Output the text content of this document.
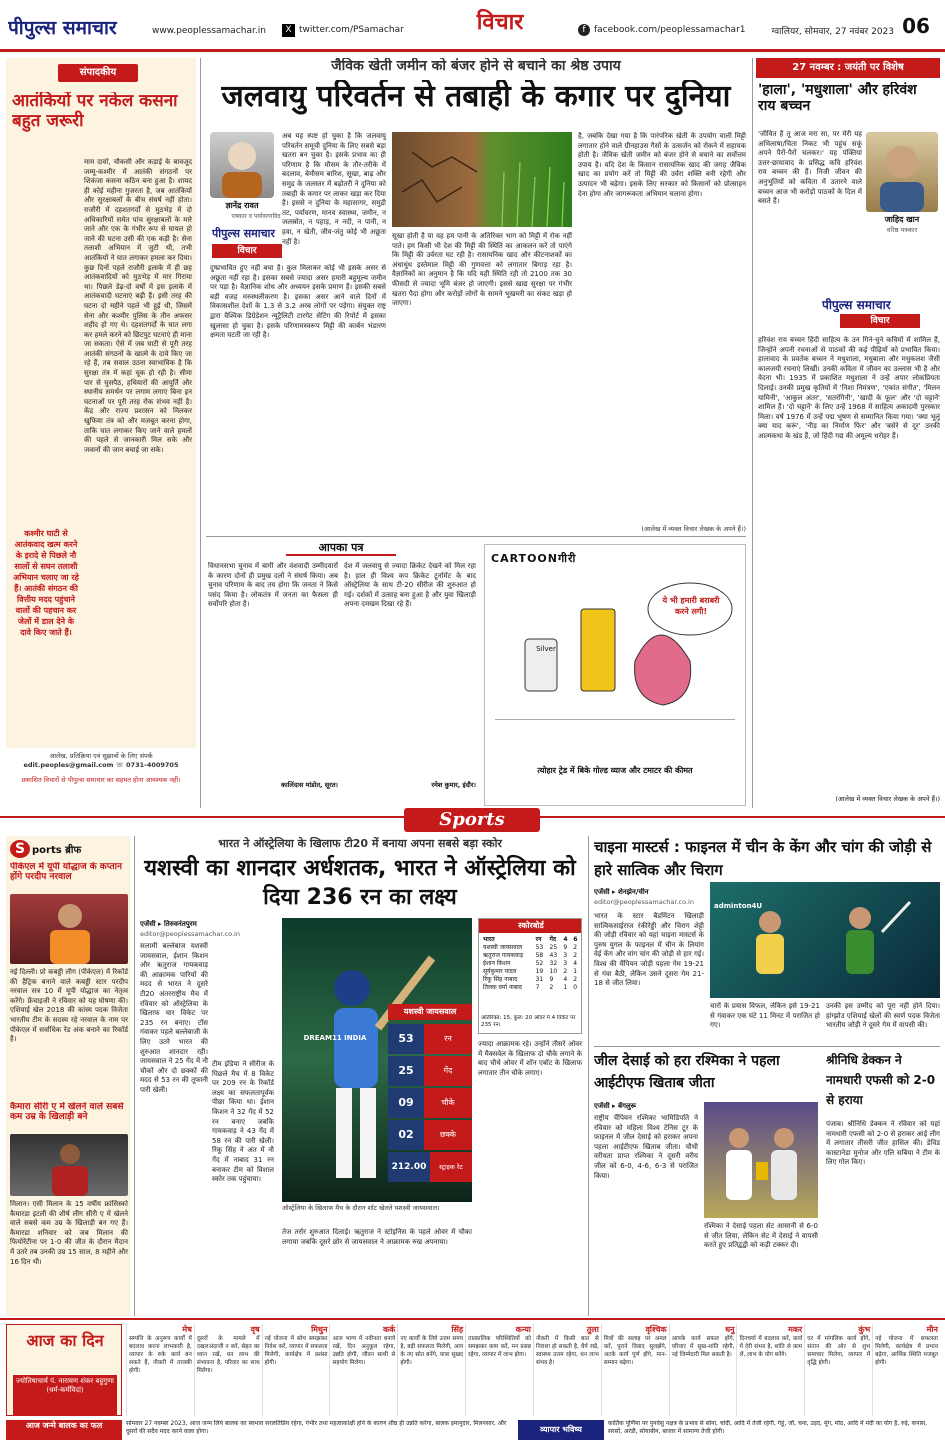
पीपुल्स समाचार	www.peoplessamachar.in	X twitter.com/PSamachar	विचार	f facebook.com/peoplessamachar1	ग्वालियर, सोमवार, 27 नवंबर 2023 06
संपादकीय
आतंकियों पर नकेल कसना बहुत जरूरी
माम दावों, चौकसी और कड़ाई के बावजूद जम्मू-कश्मीर में आतंकी संगठनों पर शिकंजा कसना कठिन बना हुआ है। शायद ही कोई महीना गुजरता है, जब आतंकियों और सुरक्षाबलों के बीच संघर्ष नहीं होता। राजौरी में दहशतगर्दों से मुठभेड़ में दो अधिकारियों समेत पांच सुरक्षाबलों के मारे जाने और एक के गंभीर रूप से घायल हो जाने की घटना उसी की एक कड़ी है। सेना तलाशी अभियान में जुटी थी, तभी आतंकियों ने घात लगाकर हमला कर दिया। कुछ दिनों पहले राजौरी इलाके में ही छह आतंकवादियों को मुठभेड़ में मार गिराया था। पिछले डेढ़-दो वर्षों में इस इलाके में आतंकवादी घटनाएं बढ़ी हैं। इसी तरह की घटना दो महीने पहले भी हुई थी, जिसमें सेना और कश्मीर पुलिस के तीन अफसर शहीद हो गए थे। दहशतगर्दों के घात लगा कर हमले करने को छिटपुट घटनाएं ही माना जा सकता। ऐसे में जब घाटी से पूरी तरह आतंकी संगठनों के खात्मे के दावे किए जा रहे हैं, तब सवाल उठना स्वाभाविक है कि सुरक्षा तंत्र में कहां चूक हो रही है। सीमा पार से घुसपैठ, हथियारों की आपूर्ति और स्थानीय समर्थन पर लगाम लगाए बिना इन घटनाओं पर पूरी तरह रोक संभव नहीं है। केंद्र और राज्य प्रशासन को मिलकर खुफिया तंत्र को और मजबूत करना होगा, ताकि घात लगाकर किए जाने वाले हमलों की पहले से जानकारी मिल सके और जवानों की जान बचाई जा सके।
कश्मीर घाटी से आतंकवाद खत्म करने के इरादे से पिछले नौ सालों से सघन तलाशी अभियान चलाए जा रहे हैं। आतंकी संगठन की वित्तीय मदद पहुंचाने वालों की पहचान कर जेलों में डाल देने के दावे किए जाते हैं।
आलेख, प्रतिक्रिया एवं सुझावों के लिए संपर्क
edit.peoples@gmail.com ☏ 0731-4009705
प्रकाशित विचारों से पीपुल्स समाचार का सहमत होना आवश्यक नहीं।
जैविक खेती जमीन को बंजर होने से बचाने का श्रेष्ठ उपाय
जलवायु परिवर्तन से तबाही के कगार पर दुनिया
ज्ञानेंद्र रावत
पत्रकार व पर्यावरणविद
पीपुल्स समाचार
विचार
अब यह स्पष्ट हो चुका है कि जलवायु परिवर्तन समूची दुनिया के लिए सबसे बड़ा खतरा बन चुका है। इसके प्रभाव का ही परिणाम है कि मौसम के तौर-तरीके में बदलाव, बेमौसम बारिश, सूखा, बाढ़ और समुद्र के जलस्तर में बढ़ोतरी ने दुनिया को तबाही के कगार पर लाकर खड़ा कर दिया है। इससे न दुनिया के महासागर, समुद्री तट, पर्यावरण, मानव स्वास्थ्य, जमीन, न जलस्रोत, न पहाड़, न नदी, न पानी, न हवा, न खेती, जीव-जंतु कोई भी अछूता नहीं है।
दुष्प्रभावित हुए नहीं बचा है। कुल मिलाकर कोई भी इसके असर से अछूता नहीं रहा है। इसका सबसे ज्यादा असर हमारी बहुमूल्य जमीन पर पड़ा है। वैज्ञानिक शोध और अध्ययन इसके प्रमाण हैं। इसकी सबसे बड़ी वजह मरुस्थलीकरण है। इसका असर आने वाले दिनों में विकासशील देशों के 1.3 से 3.2 अरब लोगों पर पड़ेगा। संयुक्त राष्ट्र द्वारा वैश्विक डिग्रेडेशन न्यूट्रैलिटी टारगेट सेटिंग की रिपोर्ट में इसका खुलासा हो चुका है। इसके परिणामस्वरूप मिट्टी की कार्बन भंडारण क्षमता घटती जा रही है।
सूखा होती है या वह हम पानी के अतिरिक्त भाग को मिट्टी में रोक नहीं पाते। हम किसी भी देश की मिट्टी की स्थिति का आकलन करें तो पाएंगे कि मिट्टी की उर्वरता घट रही है। रासायनिक खाद और कीटनाशकों का अंधाधुंध इस्तेमाल मिट्टी की गुणवत्ता को लगातार बिगाड़ रहा है। वैज्ञानिकों का अनुमान है कि यदि यही स्थिति रही तो 2100 तक 30 फीसदी से ज्यादा भूमि बंजर हो जाएगी। इससे खाद्य सुरक्षा पर गंभीर खतरा पैदा होगा और करोड़ों लोगों के सामने भुखमरी का संकट खड़ा हो जाएगा।
है, जबकि देखा गया है कि पारंपरिक खेती के उपयोग वाली मिट्टी लगातार होने वाले ग्रीनहाउस गैसों के उत्सर्जन को रोकने में सहायक होती है। जैविक खेती जमीन को बंजर होने से बचाने का सर्वोत्तम उपाय है। यदि देश के किसान रासायनिक खाद की जगह जैविक खाद का प्रयोग करें तो मिट्टी की उर्वरा शक्ति बनी रहेगी और उत्पादन भी बढ़ेगा। इसके लिए सरकार को किसानों को प्रोत्साहन देना होगा और जागरूकता अभियान चलाना होगा।
(आलेख में व्यक्त विचार लेखक के अपने हैं।)
आपका पत्र
विधानसभा चुनाव में बागी और वंशवादी उम्मीदवारों के कारण दोनों ही प्रमुख दलों ने संघर्ष किया। अब चुनाव परिणाम के बाद तय होगा कि जनता ने किसे पसंद किया है। लोकतंत्र में जनता का फैसला ही सर्वोपरि होता है।
देश में जलवायु से ज्यादा क्रिकेट देखने को मिल रहा है। हाल ही विश्व कप क्रिकेट टूर्नामेंट के बाद ऑस्ट्रेलिया के साथ टी-20 सीरीज की शुरुआत हो गई। दर्शकों में उत्साह बना हुआ है और युवा खिलाड़ी अपना दमखम दिखा रहे हैं।
कालिंदास मांडोत, सूरत।	रमेश कुमार, इंदौर।
CARTOONगीरी
Silver
ये भी हमारी बराबरी करने लगी!
त्योहार ट्रेड में बिके गोल्ड व्याज और टमाटर की कीमत
27 नवम्बर : जयंती पर विशेष
'हाला', 'मधुशाला' और हरिवंश राय बच्चन
'जीवित है तू आज मरा सा, पर मेरी यह अभिलाषा/चिता निकट भी पहुंच सकूं अपने पैरों-पैरों चलकर।' यह पंक्तियां उत्तर-छायावाद के प्रसिद्ध कवि हरिवंश राय बच्चन की हैं। निजी जीवन की अनुभूतियों को कविता में उतारने वाले बच्चन आज भी करोड़ों पाठकों के दिल में बसते हैं।
जाहिद खान
वरिष्ठ पत्रकार
पीपुल्स समाचार
विचार
हरिवंश राय बच्चन हिंदी साहित्य के उन गिने-चुने कवियों में शामिल हैं, जिन्होंने अपनी रचनाओं से पाठकों की कई पीढ़ियों को प्रभावित किया। हालावाद के प्रवर्तक बच्चन ने मधुशाला, मधुबाला और मधुकलश जैसी कालजयी रचनाएं लिखीं। उनकी कविता में जीवन का उल्लास भी है और वेदना भी। 1935 में प्रकाशित मधुशाला ने उन्हें अपार लोकप्रियता दिलाई। उनकी प्रमुख कृतियों में 'निशा निमंत्रण', 'एकांत संगीत', 'मिलन यामिनी', 'आकुल अंतर', 'सतरंगिनी', 'खादी के फूल' और 'दो चट्टानें' शामिल हैं। 'दो चट्टानें' के लिए उन्हें 1968 में साहित्य अकादमी पुरस्कार मिला। वर्ष 1976 में उन्हें पद्म भूषण से सम्मानित किया गया। 'क्या भूलूं क्या याद करूं', 'नीड़ का निर्माण फिर' और 'बसेरे से दूर' उनकी आत्मकथा के खंड हैं, जो हिंदी गद्य की अमूल्य धरोहर हैं।
(आलेख में व्यक्त विचार लेखक के अपने हैं।)
Sports
S ports ब्रीफ
पीकेएल में यूपी योद्धाज के कप्तान होंगे परदीप नरवाल
नई दिल्ली। प्रो कबड्डी लीग (पीकेएल) में रिकॉर्ड की हैट्रिक बनाने वाले कबड्डी स्टार परदीप नरवाल सत्र 10 में यूपी योद्धाज का नेतृत्व करेंगे। फ्रेंचाइजी ने रविवार को यह घोषणा की। एशियाई खेल 2018 की कांस्य पदक विजेता भारतीय टीम के सदस्य रहे नरवाल के नाम पर पीकेएल में सर्वाधिक रेड अंक बनाने का रिकॉर्ड है।
कैमारा सीरी ए में खेलने वाले सबसे कम उम्र के खिलाड़ी बने
मिलान। एसी मिलान के 15 वर्षीय फ्रांसिस्को कैमारडा इटली की शीर्ष लीग सीरी ए में खेलने वाले सबसे कम उम्र के खिलाड़ी बन गए हैं। कैमारडा शनिवार को जब मिलान की फियोरेंटीना पर 1-0 की जीत के दौरान मैदान में उतरे तब उनकी उम्र 15 साल, 8 महीने और 16 दिन थी।
भारत ने ऑस्ट्रेलिया के खिलाफ टी20 में बनाया अपना सबसे बड़ा स्कोर
यशस्वी का शानदार अर्धशतक, भारत ने ऑस्ट्रेलिया को दिया 236 रन का लक्ष्य
एजेंसी ▸ तिरुवनंतपुरम
editor@peoplessamachar.co.in
सलामी बल्लेबाज यशस्वी जायसवाल, ईशान किशन और ऋतुराज गायकवाड़ की आक्रामक पारियों की मदद से भारत ने दूसरे टी20 अंतरराष्ट्रीय मैच में रविवार को ऑस्ट्रेलिया के खिलाफ चार विकेट पर 235 रन बनाए। टॉस गंवाकर पहले बल्लेबाजी के लिए उतरे भारत की शुरुआत शानदार रही। जायसवाल ने 25 गेंद में नौ चौकों और दो छक्कों की मदद से 53 रन की तूफानी पारी खेली।
टीम इंडिया ने सीरीज के पिछले मैच में 8 विकेट पर 209 रन के रिकॉर्ड लक्ष्य का सफलतापूर्वक पीछा किया था। ईशान किशन ने 32 गेंद में 52 रन बनाए जबकि गायकवाड़ ने 43 गेंद में 58 रन की पारी खेली। रिंकू सिंह ने अंत में नौ गेंद में नाबाद 31 रन बनाकर टीम को विशाल स्कोर तक पहुंचाया।
DREAM11 INDIA
यशस्वी जायसवाल
53	रन
25	गेंद
09	चौके
02	छक्के
212.00	स्ट्राइक रेट
ऑस्ट्रेलिया के खिलाफ मैच के दौरान शॉट खेलते यशस्वी जायसवाल।
तेज तर्रार शुरुआत दिलाई। ऋतुराज ने स्टोइनिस के पहले ओवर में चौका लगाया जबकि दूसरे छोर से जायसवाल ने आक्रामक रुख अपनाया।
स्कोरबोर्ड
भारत	रन	गेंद	4	6
यशस्वी जायसवाल	53	25	9	2
ऋतुराज गायकवाड़	58	43	3	2
ईशान किशन	52	32	3	4
सूर्यकुमार यादव	19	10	2	1
रिंकू सिंह नाबाद	31	9	4	2
तिलक वर्मा नाबाद	7	2	1	0
अतिरिक्त: 15, कुल: 20 ओवर में 4 विकेट पर 235 रन।
ज्यादा आक्रामक रहे। उन्होंने तीसरे ओवर में मैक्सवेल के खिलाफ दो चौके लगाने के बाद चौथे ओवर में शॉन एबॉट के खिलाफ लगातार तीन चौके लगाए।
चाइना मास्टर्स : फाइनल में चीन के केंग और चांग की जोड़ी से हारे सात्विक और चिराग
एजेंसी ▸ शेनझेन/चीन
editor@peoplessamachar.co.in
भारत के स्टार बैडमिंटन खिलाड़ी सात्विकसाईराज रंकीरेड्डी और चिराग शेट्टी की जोड़ी रविवार को यहां चाइना मास्टर्स के पुरुष युगल के फाइनल में चीन के लियांग वेई केंग और वांग चांग की जोड़ी से हार गई। विश्व की चैंपियन जोड़ी पहला गेम 19-21 से गंवा बैठी, लेकिन उसने दूसरा गेम 21-18 से जीत लिया।
adminton4U
चारों के प्रयास विफल, लेकिन इसे 19-21 से गंवाकर एक घंटे 11 मिनट में पराजित हो गए।
उनकी इस उम्मीद को पूरा नहीं होने दिया। हांग्झोउ एशियाई खेलों की स्वर्ण पदक विजेता भारतीय जोड़ी ने दूसरे गेम में वापसी की।
जील देसाई को हरा रश्मिका ने पहला आईटीएफ खिताब जीता
एजेंसी ▸ बेंगलुरू
राष्ट्रीय चैंपियन रश्मिका भामिडिपति ने रविवार को महिला विश्व टेनिस टूर के फाइनल में जील देसाई को हराकर अपना पहला आईटीएफ खिताब जीता। चौथी वरीयता प्राप्त रश्मिका ने दूसरी वरीय जील को 6-0, 4-6, 6-3 से पराजित किया।
रश्मिका ने देसाई पहला सेट आसानी से 6-0 से जीत लिया, लेकिन सेट में देसाई ने वापसी करते हुए प्रतिद्वंद्वी को कड़ी टक्कर दी।
श्रीनिधि डेक्कन ने नामधारी एफसी को 2-0 से हराया
पंजाब। श्रीनिधि डेक्कन ने रविवार को यहां नामधारी एफसी को 2-0 से हराकर आई लीग में लगातार तीसरी जीत हासिल की। डेविड कास्टानेडा मुनोज और एलि सबिया ने टीम के लिए गोल किए।
आज का दिन
ज्योतिषाचार्य पं. नारायण शंकर बहुगुणा (धर्म-कर्मविदां)
मेष
सम्पत्ति के अनुरूप कार्यों में बदलाव करना लाभकारी है, व्यापार के रुके कार्य बन सकते हैं, नौकरी में तरक्की होगी।
वृष
दूसरों के मामले में दखलअंदाजी न करें, सेहत का ध्यान रखें, धन लाभ की संभावना है, परिवार का साथ मिलेगा।
मिथुन
नई योजना में सोच समझकर निवेश करें, व्यापार में सफलता मिलेगी, कार्यक्षेत्र में प्रशंसा होगी।
कर्क
आज भाग्य में नवीनता बनाये रखें, दिन अनुकूल रहेगा, उन्नति होगी, जीवन साथी से सहयोग मिलेगा।
सिंह
नए कार्यों के लिये उत्तम समय है, बड़ी सफलता मिलेगी, आय के नए स्रोत बनेंगे, यात्रा सुखद होगी।
कन्या
तात्कालिक परिस्थितियों को समझकर काम करें, मन प्रसन्न रहेगा, व्यापार में लाभ होगा।
तुला
नौकरी में किसी बात से निराशा हो सकती है, धैर्य रखें, स्वास्थ्य उत्तम रहेगा, धन लाभ संभव है।
वृश्चिक
मित्रों की सलाह पर अमल करें, पुराने विवाद सुलझेंगे, अटके कार्य पूर्ण होंगे, मान-सम्मान बढ़ेगा।
धनु
आपके कार्य सफल होंगे, परिवार में सुख-शांति रहेगी, नई जिम्मेदारी मिल सकती है।
मकर
दिनचर्या में बदलाव करें, कार्य में देरी संभव है, शांति से काम लें, लाभ के योग बनेंगे।
कुंभ
घर में मांगलिक कार्य होंगे, संतान की ओर से शुभ समाचार मिलेगा, व्यापार में वृद्धि होगी।
मीन
नई योजना में सफलता मिलेगी, कार्यक्षेत्र में प्रभाव बढ़ेगा, आर्थिक स्थिति मजबूत होगी।
आज जन्मे बालक का फल	सोमवार 27 नवम्बर 2023, आज जन्म लिये बालक का स्वभाव सरलतिप्रिय रहेगा, गंभीर तथा महत्वाकांक्षी होने के कारण शीघ्र ही उन्नति करेगा, बालक इमानुदार, मिलनसार, और दूसरों की सदैव मदद करने वाला होगा।	व्यापार भविष्य
कार्तिक पूर्णिमा पर पुनर्वसु नक्षत्र के प्रभाव से सोना, चांदी, आदि में तेजी रहेगी, गेहूं, जौ, चना, उड़द, मूंग, मोठ, आदि में मंदी का योग है, रुई, कपास, सरसों, अरंडी, सोयाबीन, बाजार में सामान्य तेजी होगी।
